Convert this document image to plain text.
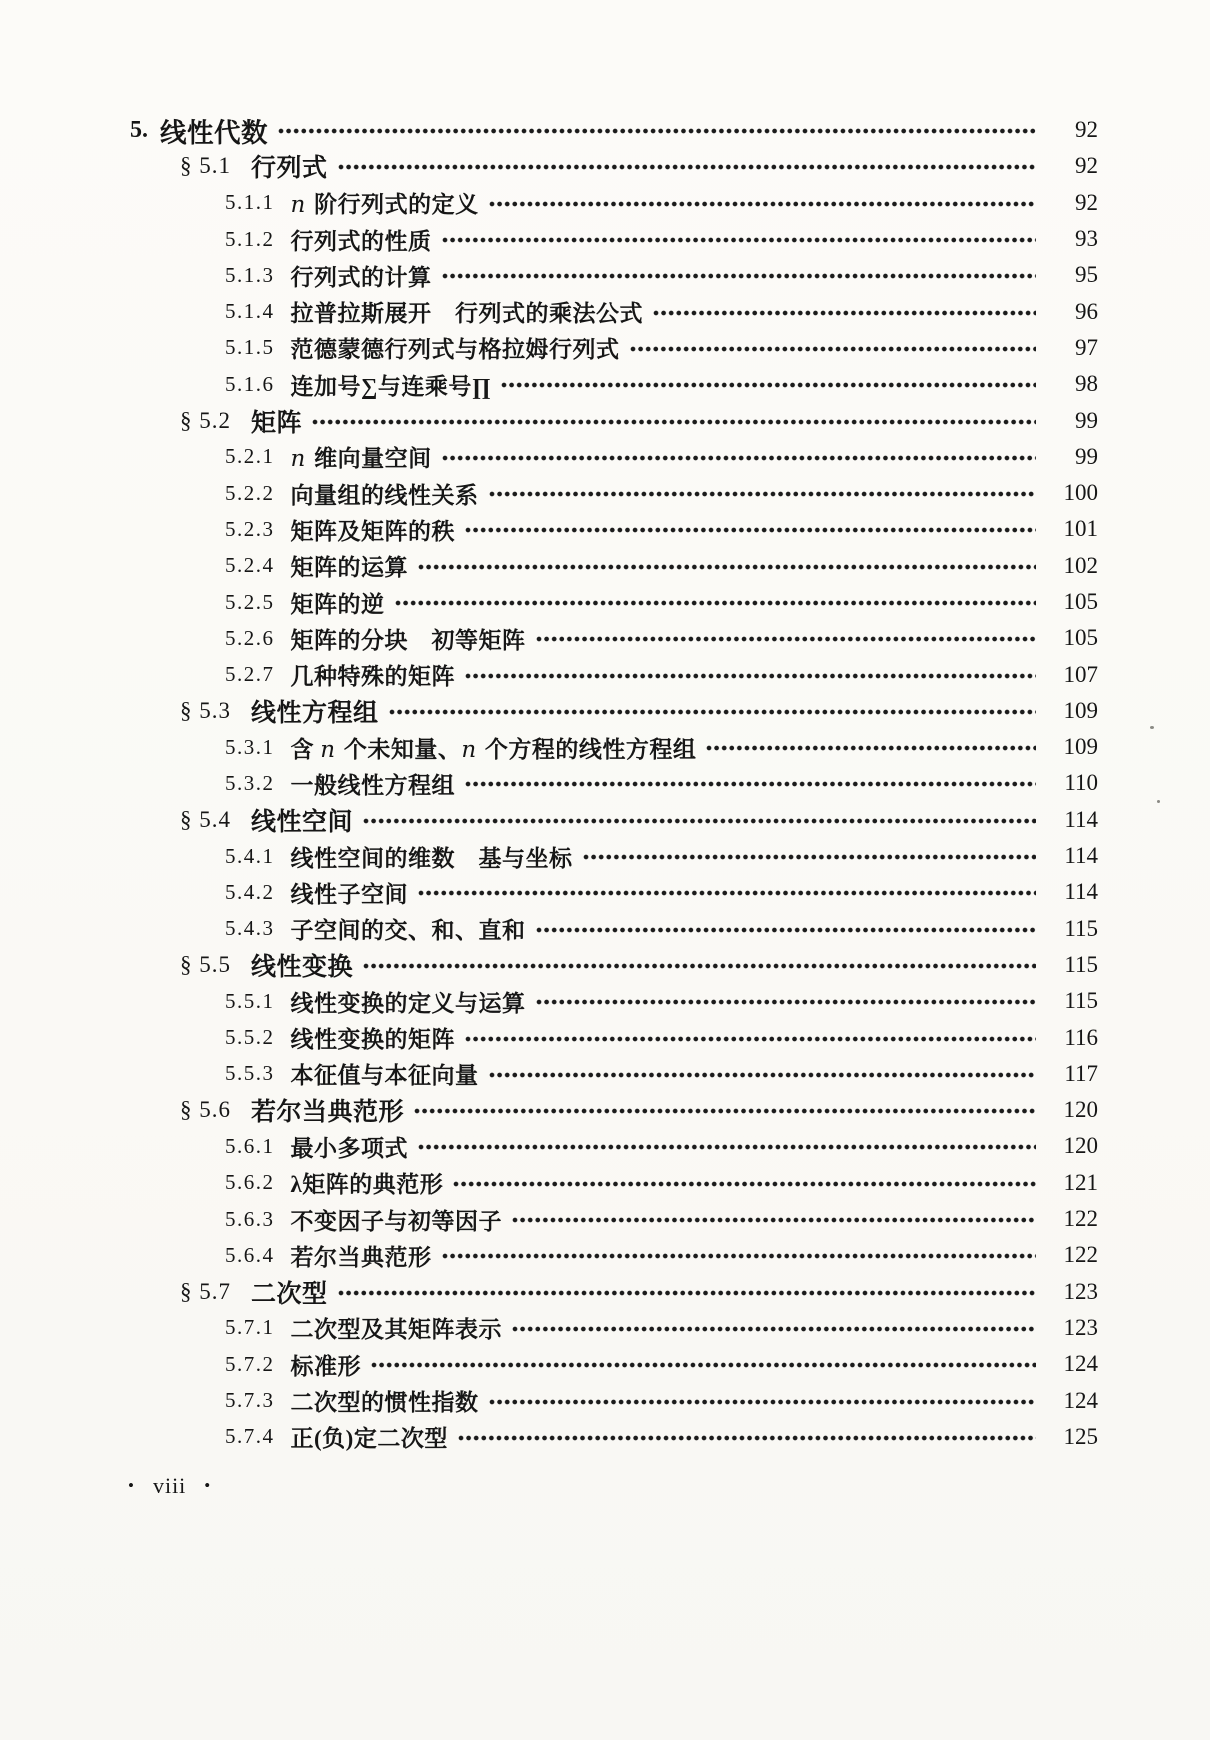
5. 线性代数	92
§ 5.1 行列式	92
5.1.1 n 阶行列式的定义	92
5.1.2 行列式的性质	93
5.1.3 行列式的计算	95
5.1.4 拉普拉斯展开　行列式的乘法公式	96
5.1.5 范德蒙德行列式与格拉姆行列式	97
5.1.6 连加号∑与连乘号∏	98
§ 5.2 矩阵	99
5.2.1 n 维向量空间	99
5.2.2 向量组的线性关系	100
5.2.3 矩阵及矩阵的秩	101
5.2.4 矩阵的运算	102
5.2.5 矩阵的逆	105
5.2.6 矩阵的分块　初等矩阵	105
5.2.7 几种特殊的矩阵	107
§ 5.3 线性方程组	109
5.3.1 含 n 个未知量、n 个方程的线性方程组	109
5.3.2 一般线性方程组	110
§ 5.4 线性空间	114
5.4.1 线性空间的维数　基与坐标	114
5.4.2 线性子空间	114
5.4.3 子空间的交、和、直和	115
§ 5.5 线性变换	115
5.5.1 线性变换的定义与运算	115
5.5.2 线性变换的矩阵	116
5.5.3 本征值与本征向量	117
§ 5.6 若尔当典范形	120
5.6.1 最小多项式	120
5.6.2 λ矩阵的典范形	121
5.6.3 不变因子与初等因子	122
5.6.4 若尔当典范形	122
§ 5.7 二次型	123
5.7.1 二次型及其矩阵表示	123
5.7.2 标准形	124
5.7.3 二次型的惯性指数	124
5.7.4 正(负)定二次型	125
• viii •
